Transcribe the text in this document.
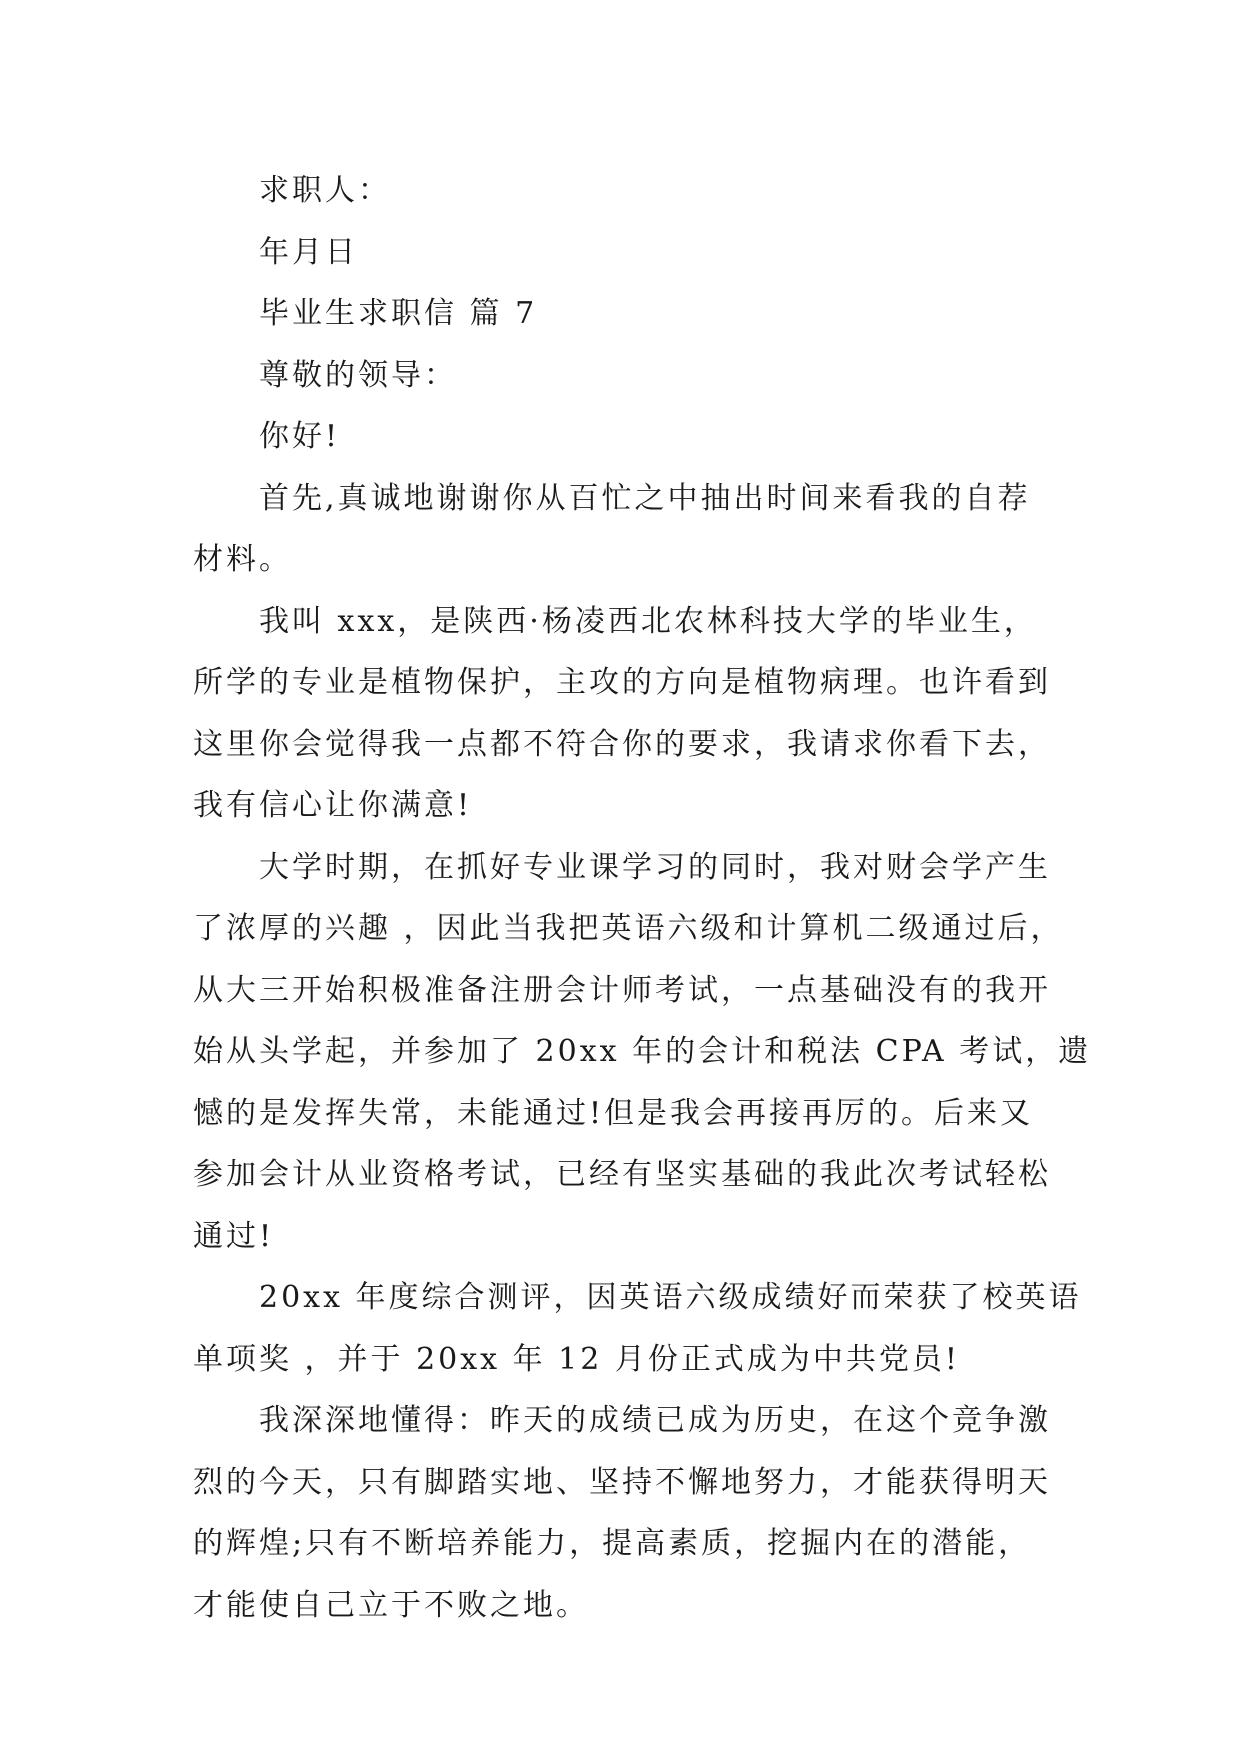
求职人：
年月日
毕业生求职信 篇 7
尊敬的领导：
你好!
首先,真诚地谢谢你从百忙之中抽出时间来看我的自荐
材料。
我叫 xxx，是陕西·杨凌西北农林科技大学的毕业生，
所学的专业是植物保护，主攻的方向是植物病理。也许看到
这里你会觉得我一点都不符合你的要求，我请求你看下去，
我有信心让你满意!
大学时期，在抓好专业课学习的同时，我对财会学产生
了浓厚的兴趣 ，因此当我把英语六级和计算机二级通过后，
从大三开始积极准备注册会计师考试，一点基础没有的我开
始从头学起，并参加了 20xx 年的会计和税法 CPA 考试，遗
憾的是发挥失常，未能通过!但是我会再接再厉的。后来又
参加会计从业资格考试，已经有坚实基础的我此次考试轻松
通过!
20xx 年度综合测评，因英语六级成绩好而荣获了校英语
单项奖 ，并于 20xx 年 12 月份正式成为中共党员!
我深深地懂得：昨天的成绩已成为历史，在这个竞争激
烈的今天，只有脚踏实地、坚持不懈地努力，才能获得明天
的辉煌;只有不断培养能力，提高素质，挖掘内在的潜能，
才能使自己立于不败之地。
